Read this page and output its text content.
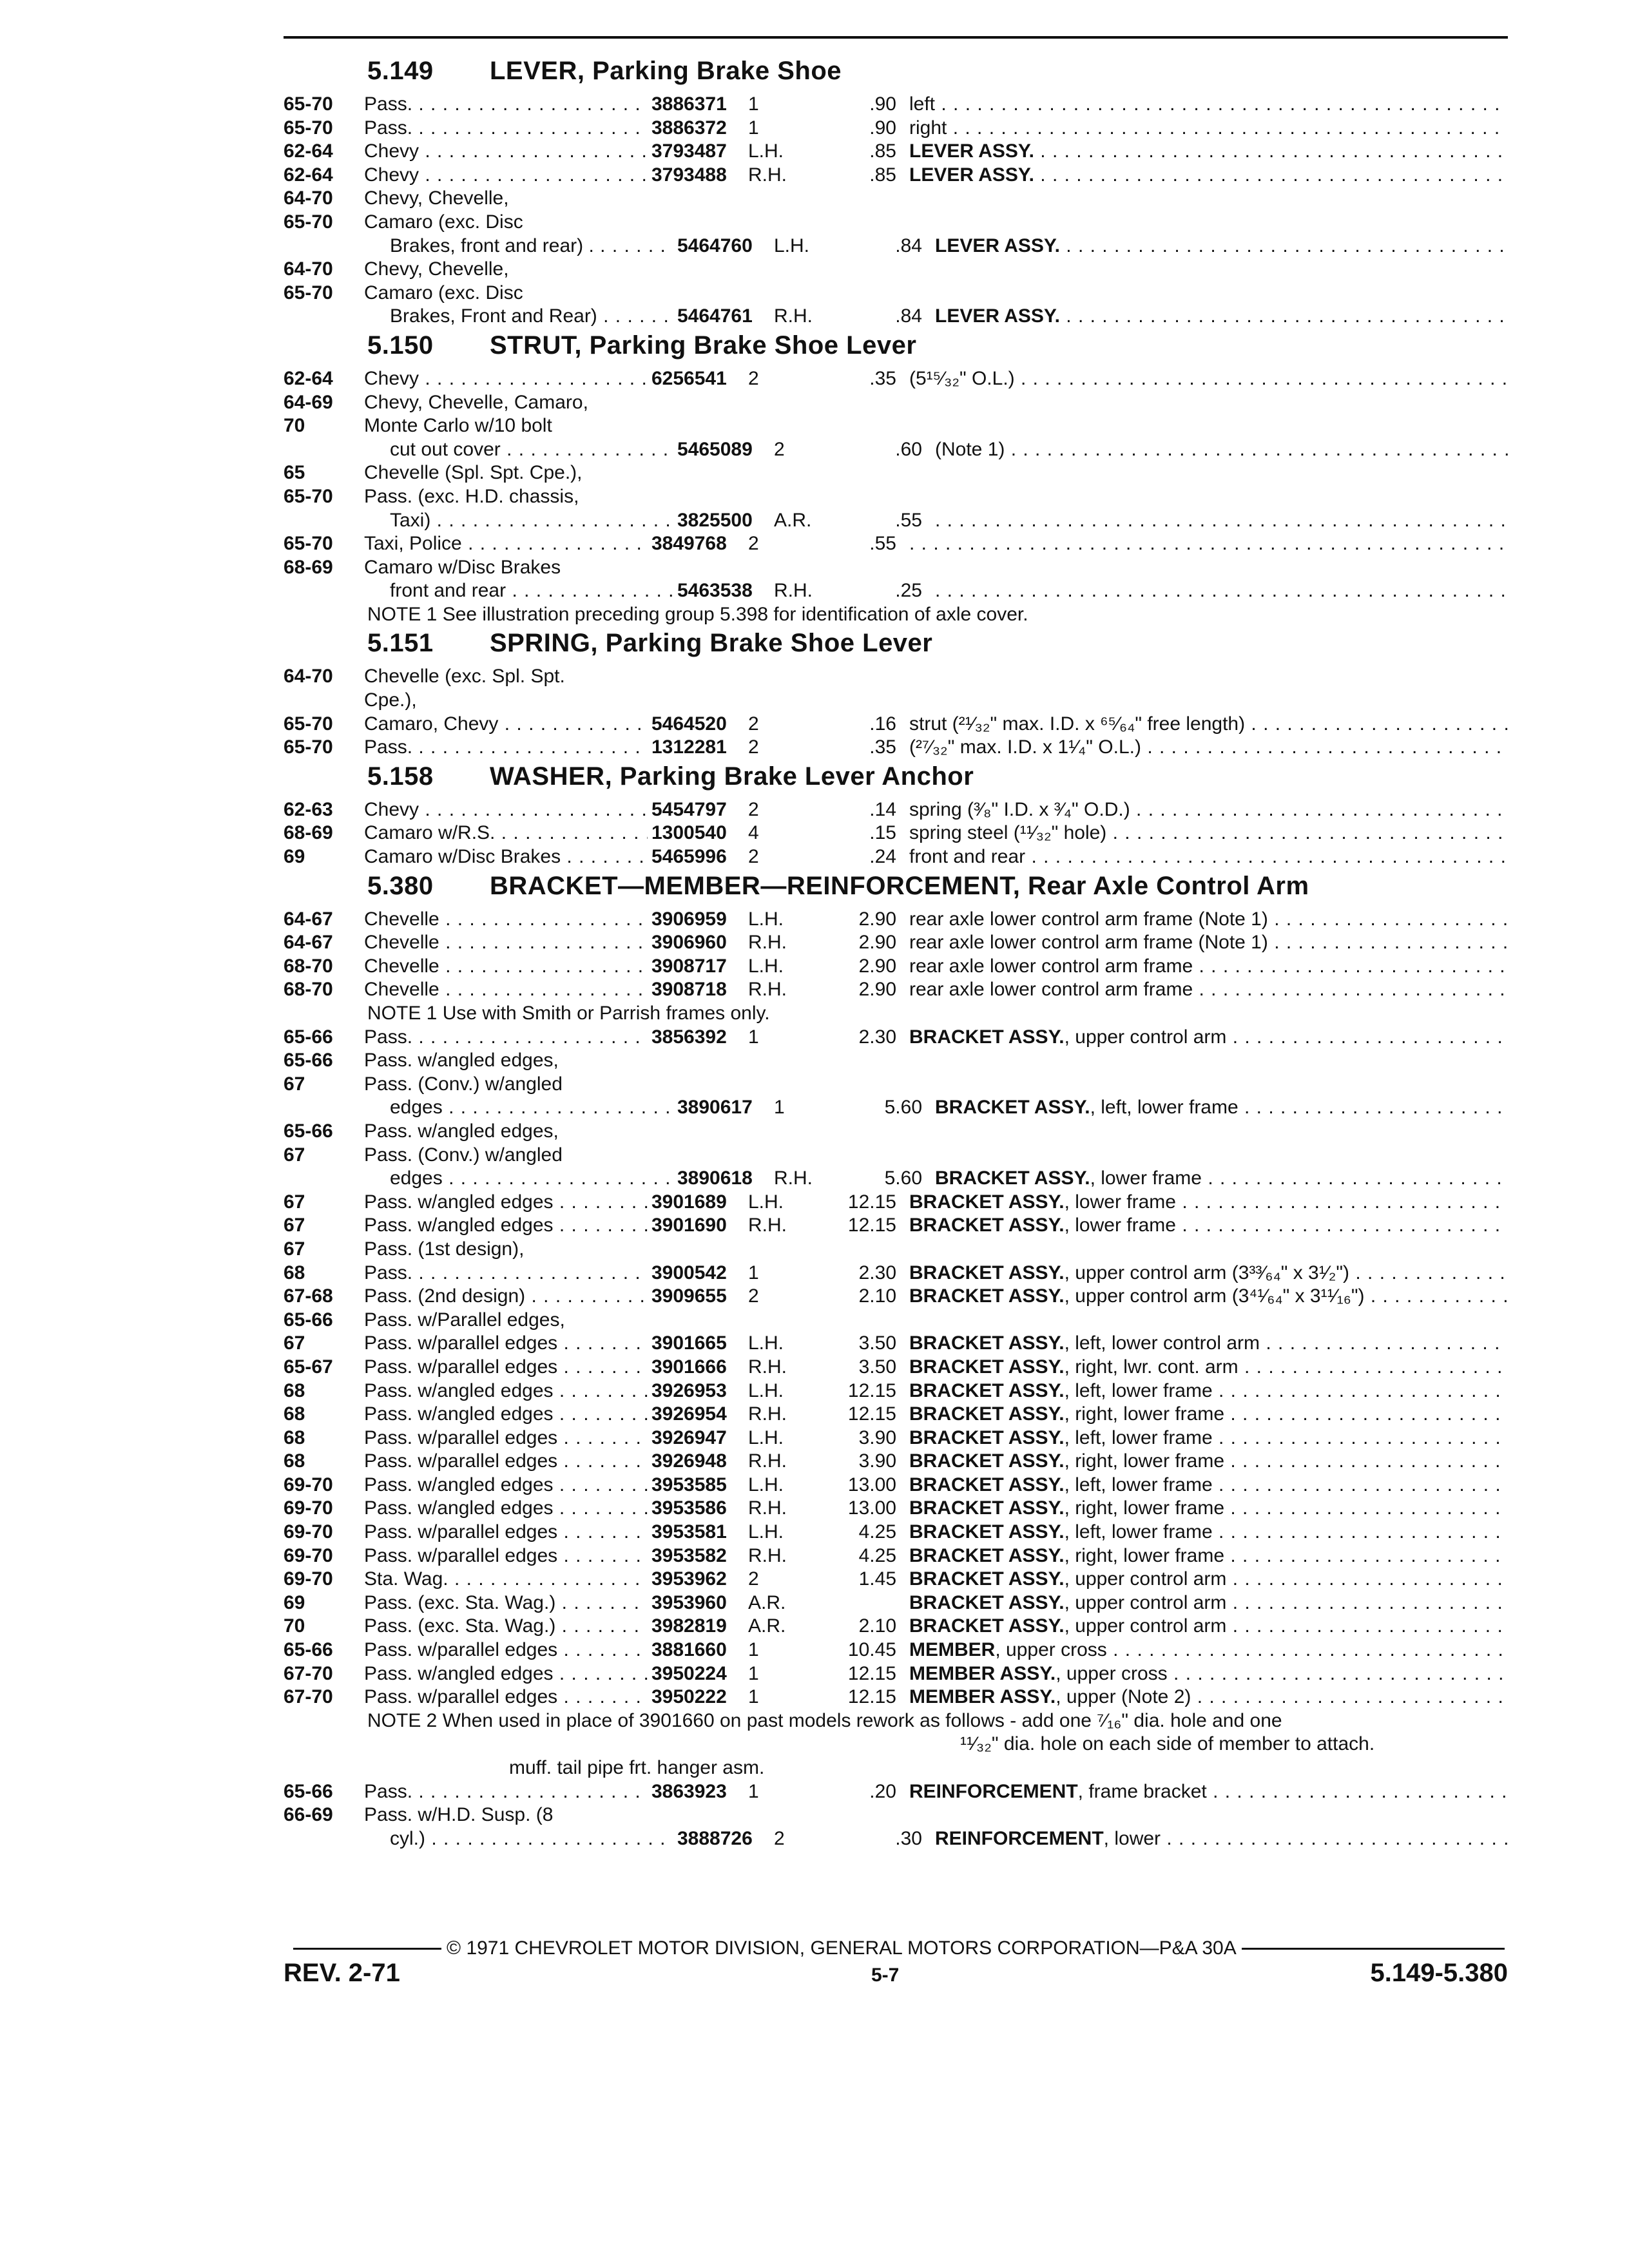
5.149	LEVER, Parking Brake Shoe
65-70	Pass. . . .	3886371	1	.90 left . . .
65-70	Pass. . . .	3886372	1	.90 right . . .
62-64	Chevy . . .	3793487	L.H.	.85 LEVER ASSY. . . .
62-64	Chevy . . .	3793488	R.H.	.85 LEVER ASSY. . . .
64-70	Chevy, Chevelle,
65-70	Camaro (exc. Disc
Brakes, front and rear) . . . .	5464760	L.H.	.84 LEVER ASSY. . . .
64-70	Chevy, Chevelle,
65-70	Camaro (exc. Disc
Brakes, Front and Rear) . . .	5464761	R.H.	.84 LEVER ASSY. . . .
5.150	STRUT, Parking Brake Shoe Lever
62-64	Chevy . . .	6256541	2	.35 (5¹⁵⁄₃₂" O.L.) . . .
64-69	Chevy, Chevelle, Camaro,
70	Monte Carlo w/10 bolt
cut out cover . . .	5465089	2	.60 (Note 1) . . .
65	Chevelle (Spl. Spt. Cpe.),
65-70	Pass. (exc. H.D. chassis,
Taxi) . . .	3825500	A.R.	.55
. . .
65-70	Taxi, Police . . .	3849768	2	.55
. . .
68-69	Camaro w/Disc Brakes
front and rear . . .	5463538	R.H.	.25
. . .
NOTE 1 See illustration preceding group 5.398 for identification of axle cover.
5.151	SPRING, Parking Brake Shoe Lever
64-70	Chevelle (exc. Spl. Spt.
Cpe.),
65-70	Camaro, Chevy . . .	5464520	2	.16 strut (²¹⁄₃₂" max. I.D. x ⁶⁵⁄₆₄" free length) . . .
65-70	Pass. . . .	1312281	2	.35 (²⁷⁄₃₂" max. I.D. x 1¹⁄₄" O.L.) . . .
5.158	WASHER, Parking Brake Lever Anchor
62-63	Chevy . . .	5454797	2	.14 spring (³⁄₈" I.D. x ³⁄₄" O.D.) . . .
68-69	Camaro w/R.S. . . .	1300540	4	.15 spring steel (¹¹⁄₃₂" hole) . . .
69	Camaro w/Disc Brakes . . .	5465996	2	.24 front and rear . . .
5.380	BRACKET—MEMBER—REINFORCEMENT, Rear Axle Control Arm
64-67	Chevelle . . .	3906959	L.H.	2.90 rear axle lower control arm frame (Note 1) . . .
64-67	Chevelle . . .	3906960	R.H.	2.90 rear axle lower control arm frame (Note 1) . . .
68-70	Chevelle . . .	3908717	L.H.	2.90 rear axle lower control arm frame . . .
68-70	Chevelle . . .	3908718	R.H.	2.90 rear axle lower control arm frame . . .
NOTE 1 Use with Smith or Parrish frames only.
65-66	Pass. . . .	3856392	1	2.30 BRACKET ASSY., upper control arm . . .
65-66	Pass. w/angled edges,
67	Pass. (Conv.) w/angled
edges . . .	3890617	1	5.60 BRACKET ASSY., left, lower frame . . .
65-66	Pass. w/angled edges,
67	Pass. (Conv.) w/angled
edges . . .	3890618	R.H.	5.60 BRACKET ASSY., lower frame . . .
67	Pass. w/angled edges . . .	3901689	L.H.	12.15 BRACKET ASSY., lower frame . . .
67	Pass. w/angled edges . . .	3901690	R.H.	12.15 BRACKET ASSY., lower frame . . .
67	Pass. (1st design),
68	Pass. . . .	3900542	1	2.30 BRACKET ASSY., upper control arm (3³³⁄₆₄" x 3¹⁄₂") . . .
67-68	Pass. (2nd design) . . .	3909655	2	2.10 BRACKET ASSY., upper control arm (3⁴¹⁄₆₄" x 3¹¹⁄₁₆") . . .
65-66	Pass. w/Parallel edges,
67	Pass. w/parallel edges . . .	3901665	L.H.	3.50 BRACKET ASSY., left, lower control arm . . .
65-67	Pass. w/parallel edges . . .	3901666	R.H.	3.50 BRACKET ASSY., right, lwr. cont. arm . . .
68	Pass. w/angled edges . . .	3926953	L.H.	12.15 BRACKET ASSY., left, lower frame . . .
68	Pass. w/angled edges . . .	3926954	R.H.	12.15 BRACKET ASSY., right, lower frame . . .
68	Pass. w/parallel edges . . .	3926947	L.H.	3.90 BRACKET ASSY., left, lower frame . . .
68	Pass. w/parallel edges . . .	3926948	R.H.	3.90 BRACKET ASSY., right, lower frame . . .
69-70	Pass. w/angled edges . . .	3953585	L.H.	13.00 BRACKET ASSY., left, lower frame . . .
69-70	Pass. w/angled edges . . .	3953586	R.H.	13.00 BRACKET ASSY., right, lower frame . . .
69-70	Pass. w/parallel edges . . .	3953581	L.H.	4.25 BRACKET ASSY., left, lower frame . . .
69-70	Pass. w/parallel edges . . .	3953582	R.H.	4.25 BRACKET ASSY., right, lower frame . . .
69-70	Sta. Wag. . . .	3953962	2	1.45 BRACKET ASSY., upper control arm . . .
69	Pass. (exc. Sta. Wag.) . . .	3953960	A.R.	BRACKET ASSY., upper control arm . . .
70	Pass. (exc. Sta. Wag.) . . .	3982819	A.R.	2.10 BRACKET ASSY., upper control arm . . .
65-66	Pass. w/parallel edges . . .	3881660	1	10.45 MEMBER, upper cross . . .
67-70	Pass. w/angled edges . . .	3950224	1	12.15 MEMBER ASSY., upper cross . . .
67-70	Pass. w/parallel edges . . .	3950222	1	12.15 MEMBER ASSY., upper (Note 2) . . .
NOTE 2 When used in place of 3901660 on past models rework as follows - add one ⁷⁄₁₆" dia. hole and one
¹¹⁄₃₂" dia. hole on each side of member to attach.
muff. tail pipe frt. hanger asm.
65-66	Pass. . . .	3863923	1	.20 REINFORCEMENT, frame bracket . . .
66-69	Pass. w/H.D. Susp. (8
cyl.) . . .	3888726	2	.30 REINFORCEMENT, lower . . .
© 1971 CHEVROLET MOTOR DIVISION, GENERAL MOTORS CORPORATION—P&A 30A
REV. 2-71	5-7	5.149-5.380
